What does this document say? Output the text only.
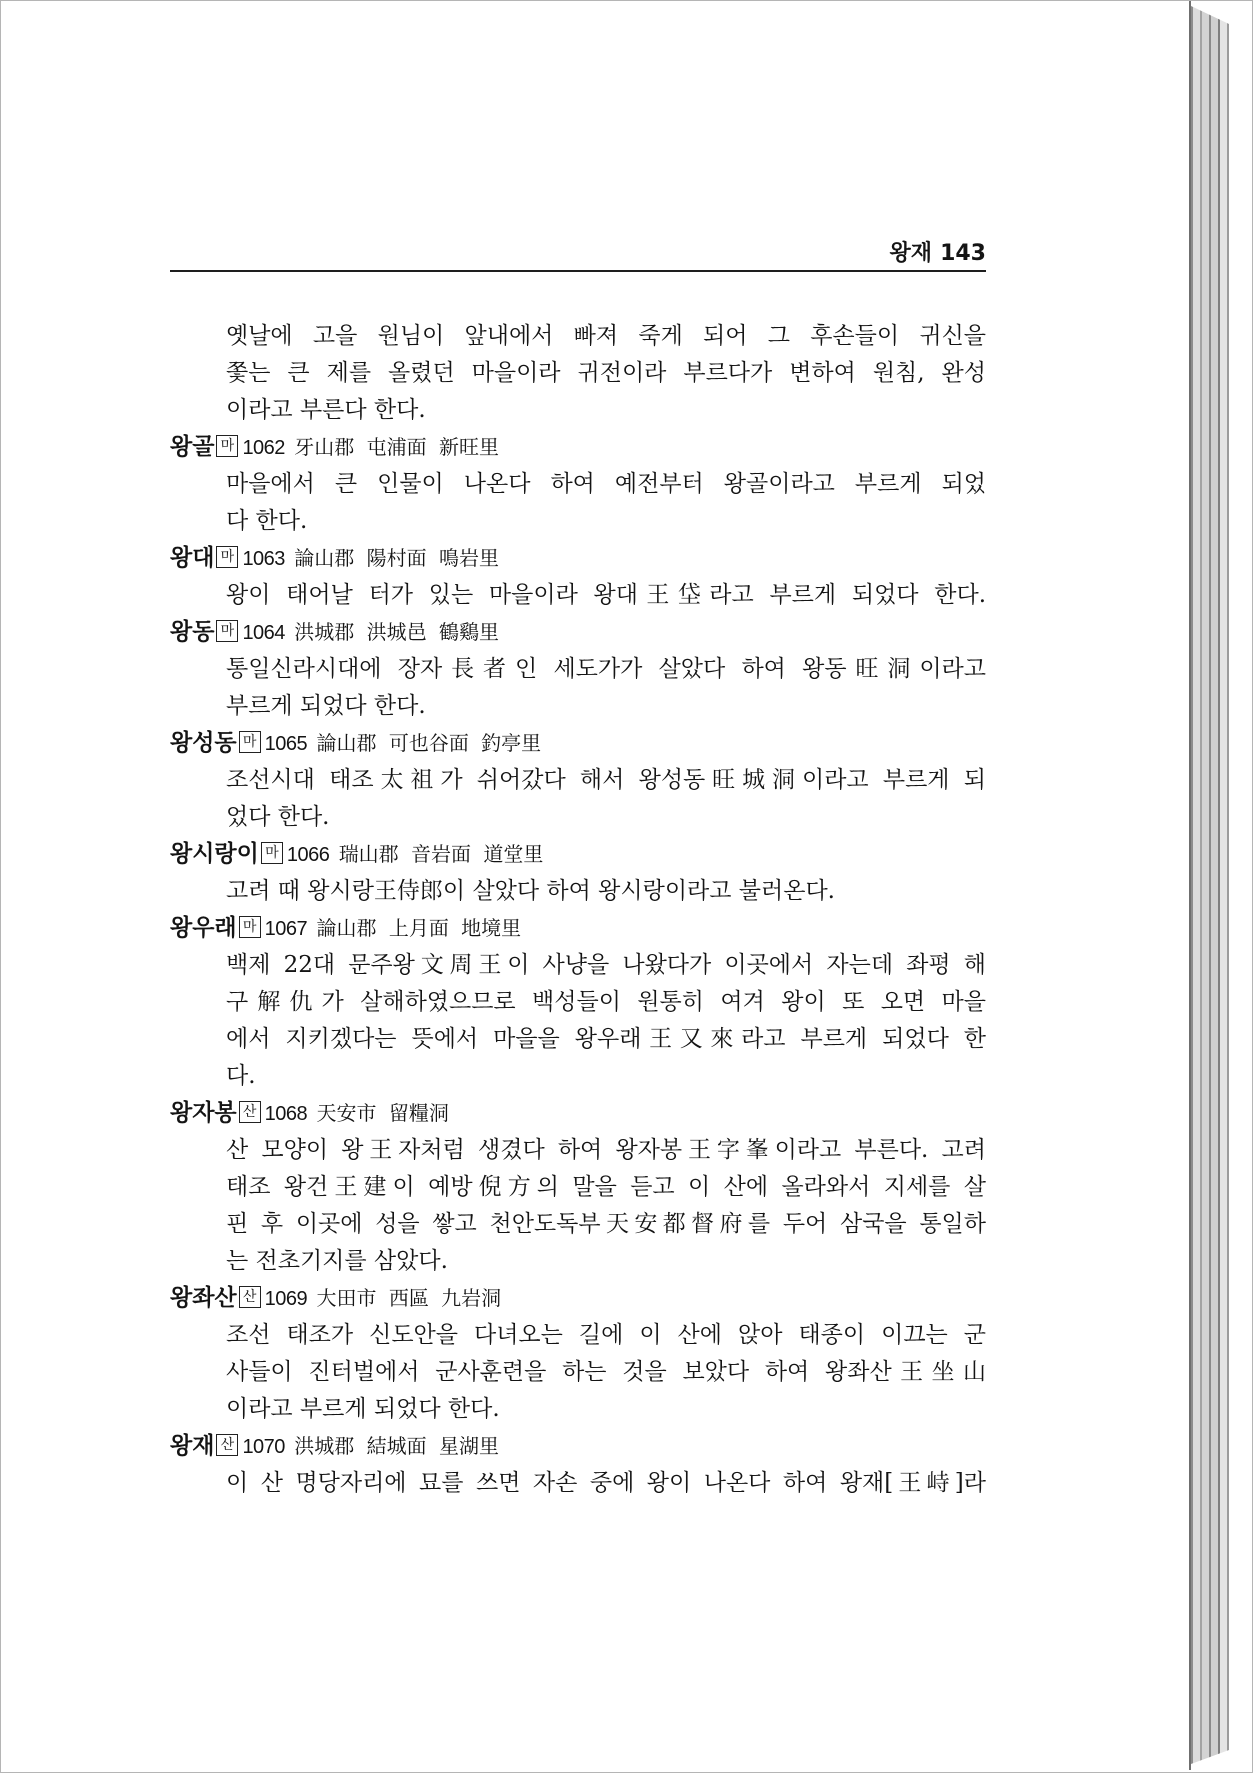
왕재 143
옛날에 고을 원님이 앞내에서 빠져 죽게 되어 그 후손들이 귀신을
쫓는 큰 제를 올렸던 마을이라 귀전이라 부르다가 변하여 원침, 완성
이라고 부른다 한다.
왕골 마 1062 牙山郡 屯浦面 新旺里
마을에서 큰 인물이 나온다 하여 예전부터 왕골이라고 부르게 되었
다 한다.
왕대 마 1063 論山郡 陽村面 鳴岩里
왕이 태어날 터가 있는 마을이라 왕대王垈라고 부르게 되었다 한다.
왕동 마 1064 洪城郡 洪城邑 鶴鷄里
통일신라시대에 장자長者인 세도가가 살았다 하여 왕동旺洞이라고
부르게 되었다 한다.
왕성동 마 1065 論山郡 可也谷面 釣亭里
조선시대 태조太祖가 쉬어갔다 해서 왕성동旺城洞이라고 부르게 되
었다 한다.
왕시랑이 마 1066 瑞山郡 音岩面 道堂里
고려 때 왕시랑王侍郎이 살았다 하여 왕시랑이라고 불러온다.
왕우래 마 1067 論山郡 上月面 地境里
백제 22대 문주왕文周王이 사냥을 나왔다가 이곳에서 자는데 좌평 해
구解仇가 살해하였으므로 백성들이 원통히 여겨 왕이 또 오면 마을
에서 지키겠다는 뜻에서 마을을 왕우래王又來라고 부르게 되었다 한
다.
왕자봉 산 1068 天安市 留糧洞
산 모양이 왕王자처럼 생겼다 하여 왕자봉王字峯이라고 부른다. 고려
태조 왕건王建이 예방倪方의 말을 듣고 이 산에 올라와서 지세를 살
핀 후 이곳에 성을 쌓고 천안도독부天安都督府를 두어 삼국을 통일하
는 전초기지를 삼았다.
왕좌산 산 1069 大田市 西區 九岩洞
조선 태조가 신도안을 다녀오는 길에 이 산에 앉아 태종이 이끄는 군
사들이 진터벌에서 군사훈련을 하는 것을 보았다 하여 왕좌산王坐山
이라고 부르게 되었다 한다.
왕재 산 1070 洪城郡 結城面 星湖里
이 산 명당자리에 묘를 쓰면 자손 중에 왕이 나온다 하여 왕재[王峙]라
